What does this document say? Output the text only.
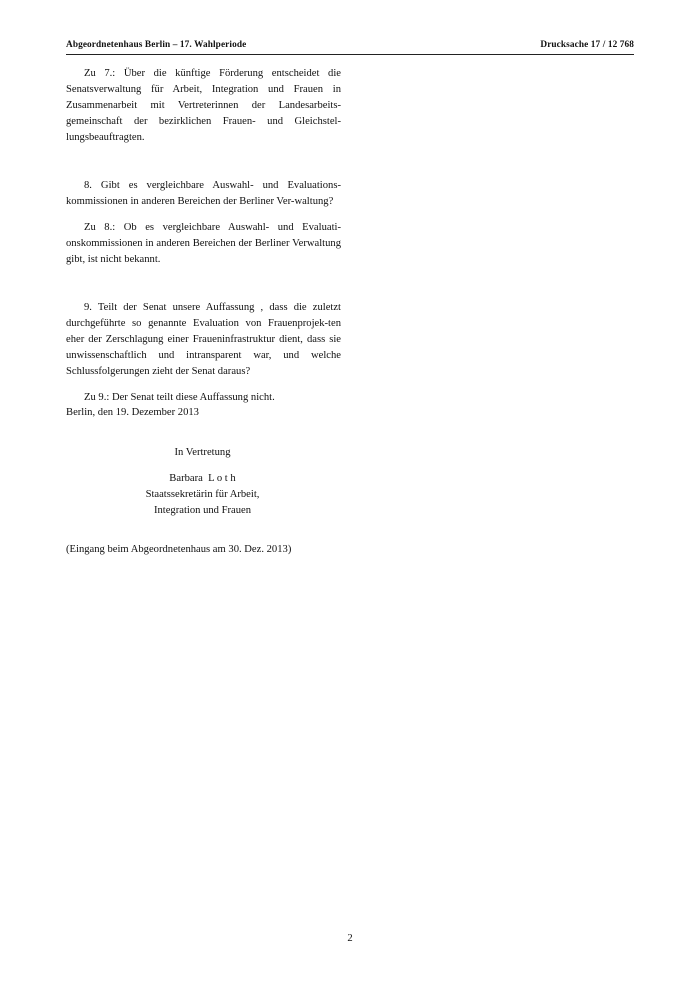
Abgeordnetenhaus Berlin – 17. Wahlperiode	Drucksache 17 / 12 768

Zu 7.: Über die künftige Förderung entscheidet die Senatsverwaltung für Arbeit, Integration und Frauen in Zusammenarbeit mit Vertreterinnen der Landesarbeits-gemeinschaft der bezirklichen Frauen- und Gleichstel-lungsbeauftragten.

8. Gibt es vergleichbare Auswahl- und Evaluations-kommissionen in anderen Bereichen der Berliner Ver-waltung?

Zu 8.: Ob es vergleichbare Auswahl- und Evaluati-onskommissionen in anderen Bereichen der Berliner Verwaltung gibt, ist nicht bekannt.

9. Teilt der Senat unsere Auffassung , dass die zuletzt durchgeführte so genannte Evaluation von Frauenprojek-ten eher der Zerschlagung einer Fraueninfrastruktur dient, dass sie unwissenschaftlich und intransparent war, und welche Schlussfolgerungen zieht der Senat daraus?

Zu 9.: Der Senat teilt diese Auffassung nicht.

Berlin, den 19. Dezember 2013
In Vertretung
Barbara  L o t h
Staatssekretärin für Arbeit,
Integration und Frauen
(Eingang beim Abgeordnetenhaus am 30. Dez. 2013)
2
